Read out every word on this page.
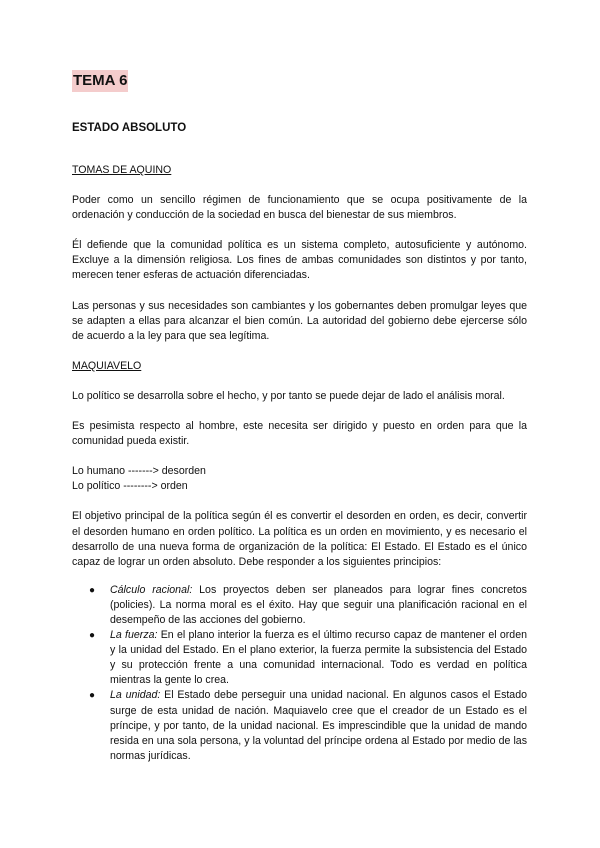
TEMA 6
ESTADO ABSOLUTO

TOMAS DE AQUINO

Poder como un sencillo régimen de funcionamiento que se ocupa positivamente de la ordenación y conducción de la sociedad en busca del bienestar de sus miembros.

Él defiende que la comunidad política es un sistema completo, autosuficiente y autónomo. Excluye a la dimensión religiosa. Los fines de ambas comunidades son distintos y por tanto, merecen tener esferas de actuación diferenciadas.

Las personas y sus necesidades son cambiantes y los gobernantes deben promulgar leyes que se adapten a ellas para alcanzar el bien común. La autoridad del gobierno debe ejercerse sólo de acuerdo a la ley para que sea legítima.

MAQUIAVELO

Lo político se desarrolla sobre el hecho, y por tanto se puede dejar de lado el análisis moral.

Es pesimista respecto al hombre, este necesita ser dirigido y puesto en orden para que la comunidad pueda existir.

Lo humano -------> desorden

Lo político --------> orden

El objetivo principal de la política según él es convertir el desorden en orden, es decir, convertir el desorden humano en orden político. La política es un orden en movimiento, y es necesario el desarrollo de una nueva forma de organización de la política: El Estado. El Estado es el único capaz de lograr un orden absoluto. Debe responder a los siguientes principios:

● Cálculo racional: Los proyectos deben ser planeados para lograr fines concretos (policies). La norma moral es el éxito. Hay que seguir una planificación racional en el desempeño de las acciones del gobierno.
● La fuerza: En el plano interior la fuerza es el último recurso capaz de mantener el orden y la unidad del Estado. En el plano exterior, la fuerza permite la subsistencia del Estado y su protección frente a una comunidad internacional. Todo es verdad en política mientras la gente lo crea.
● La unidad: El Estado debe perseguir una unidad nacional. En algunos casos el Estado surge de esta unidad de nación. Maquiavelo cree que el creador de un Estado es el príncipe, y por tanto, de la unidad nacional. Es imprescindible que la unidad de mando resida en una sola persona, y la voluntad del príncipe ordena al Estado por medio de las normas jurídicas.
